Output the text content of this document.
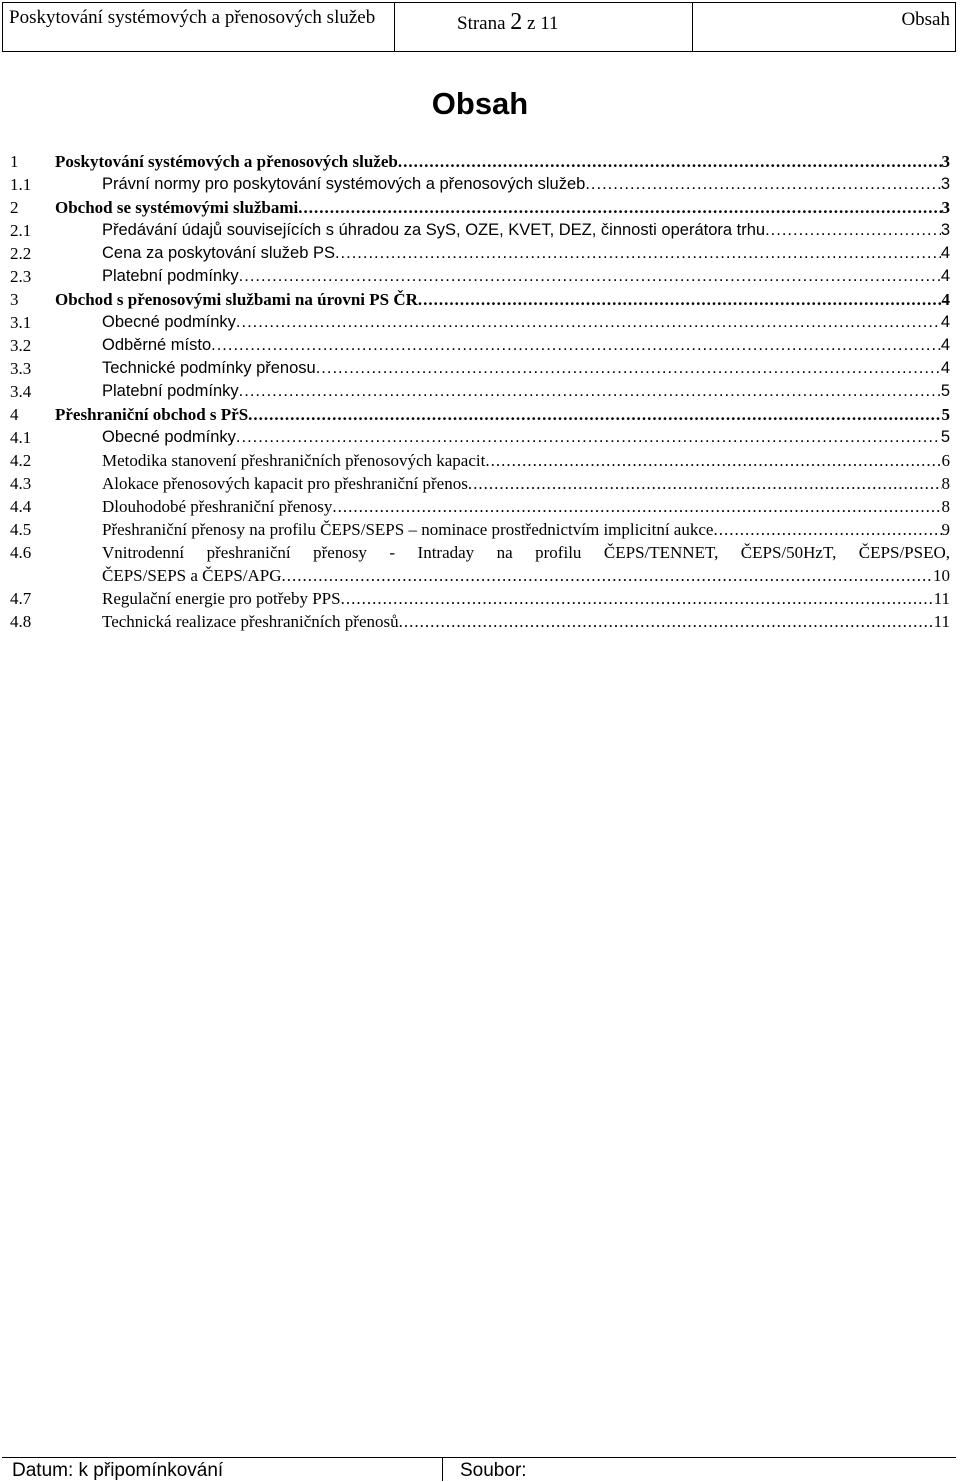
Poskytování systémových a přenosových služeb	Strana 2 z 11	Obsah
Obsah
1 Poskytování systémových a přenosových služeb .....	3
1.1	Právní normy pro poskytování systémových a přenosových služeb .....	3
2 Obchod se systémovými službami .....	3
2.1	Předávání údajů souvisejících s úhradou za SyS, OZE, KVET, DEZ, činnosti operátora trhu .....	3
2.2	Cena za poskytování služeb PS .....	4
2.3	Platební podmínky .....	4
3 Obchod s přenosovými službami na úrovni PS ČR .....	4
3.1	Obecné podmínky .....	4
3.2	Odběrné místo .....	4
3.3	Technické podmínky přenosu .....	4
3.4	Platební podmínky .....	5
4 Přeshraniční obchod s PřS .....	5
4.1	Obecné podmínky .....	5
4.2	Metodika stanovení přeshraničních přenosových kapacit .....	6
4.3	Alokace přenosových kapacit pro přeshraniční přenos .....	8
4.4	Dlouhodobé přeshraniční přenosy .....	8
4.5	Přeshraniční přenosy na profilu ČEPS/SEPS – nominace prostřednictvím implicitní aukce .....	9
4.6	Vnitrodenní přeshraniční přenosy - Intraday na profilu ČEPS/TENNET, ČEPS/50HzT, ČEPS/PSEO,
ČEPS/SEPS a ČEPS/APG .....	10
4.7	Regulační energie pro potřeby PPS .....	11
4.8	Technická realizace přeshraničních přenosů .....	11
Datum: k připomínkování	Soubor:
